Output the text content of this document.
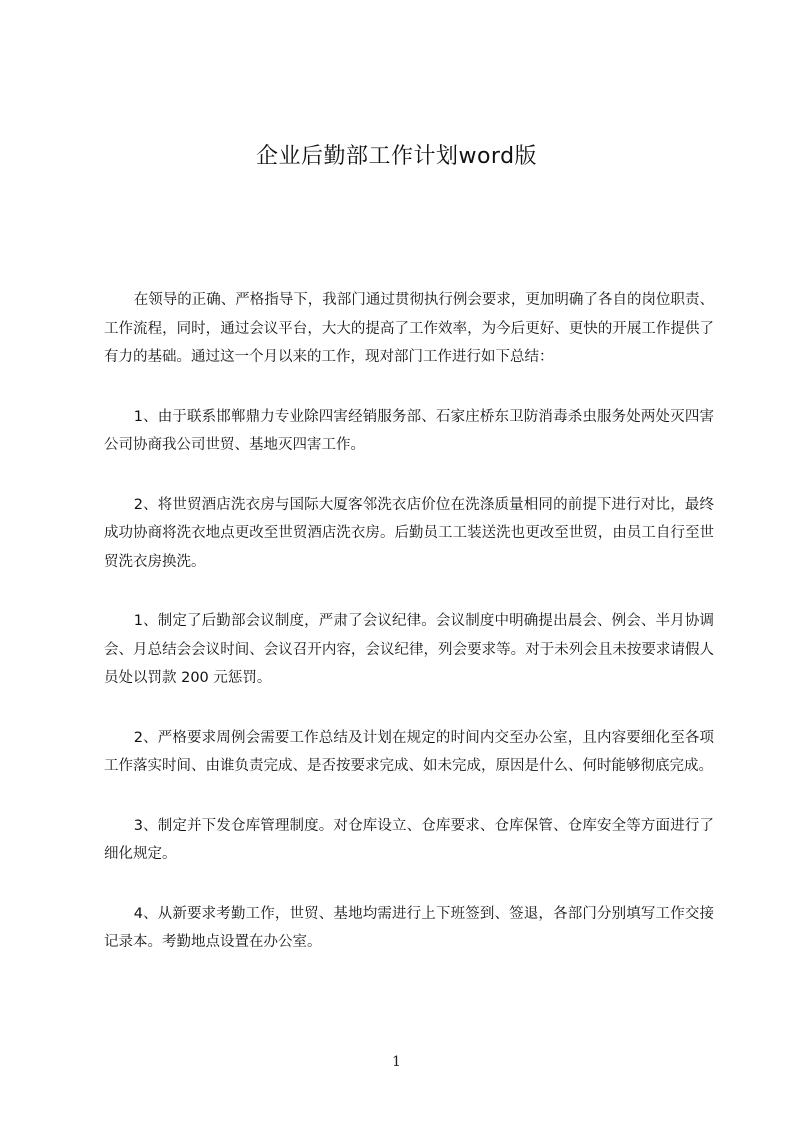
企业后勤部工作计划word版

在领导的正确、严格指导下，我部门通过贯彻执行例会要求，更加明确了各自的岗位职责、工作流程，同时，通过会议平台，大大的提高了工作效率，为今后更好、更快的开展工作提供了有力的基础。通过这一个月以来的工作，现对部门工作进行如下总结：

1、由于联系邯郸鼎力专业除四害经销服务部、石家庄桥东卫防消毒杀虫服务处两处灭四害公司协商我公司世贸、基地灭四害工作。

2、将世贸酒店洗衣房与国际大厦客邻洗衣店价位在洗涤质量相同的前提下进行对比，最终成功协商将洗衣地点更改至世贸酒店洗衣房。后勤员工工装送洗也更改至世贸，由员工自行至世贸洗衣房换洗。

1、制定了后勤部会议制度，严肃了会议纪律。会议制度中明确提出晨会、例会、半月协调会、月总结会会议时间、会议召开内容，会议纪律，列会要求等。对于未列会且未按要求请假人员处以罚款 200 元惩罚。

2、严格要求周例会需要工作总结及计划在规定的时间内交至办公室，且内容要细化至各项工作落实时间、由谁负责完成、是否按要求完成、如未完成，原因是什么、何时能够彻底完成。

3、制定并下发仓库管理制度。对仓库设立、仓库要求、仓库保管、仓库安全等方面进行了细化规定。

4、从新要求考勤工作，世贸、基地均需进行上下班签到、签退，各部门分别填写工作交接记录本。考勤地点设置在办公室。

1
